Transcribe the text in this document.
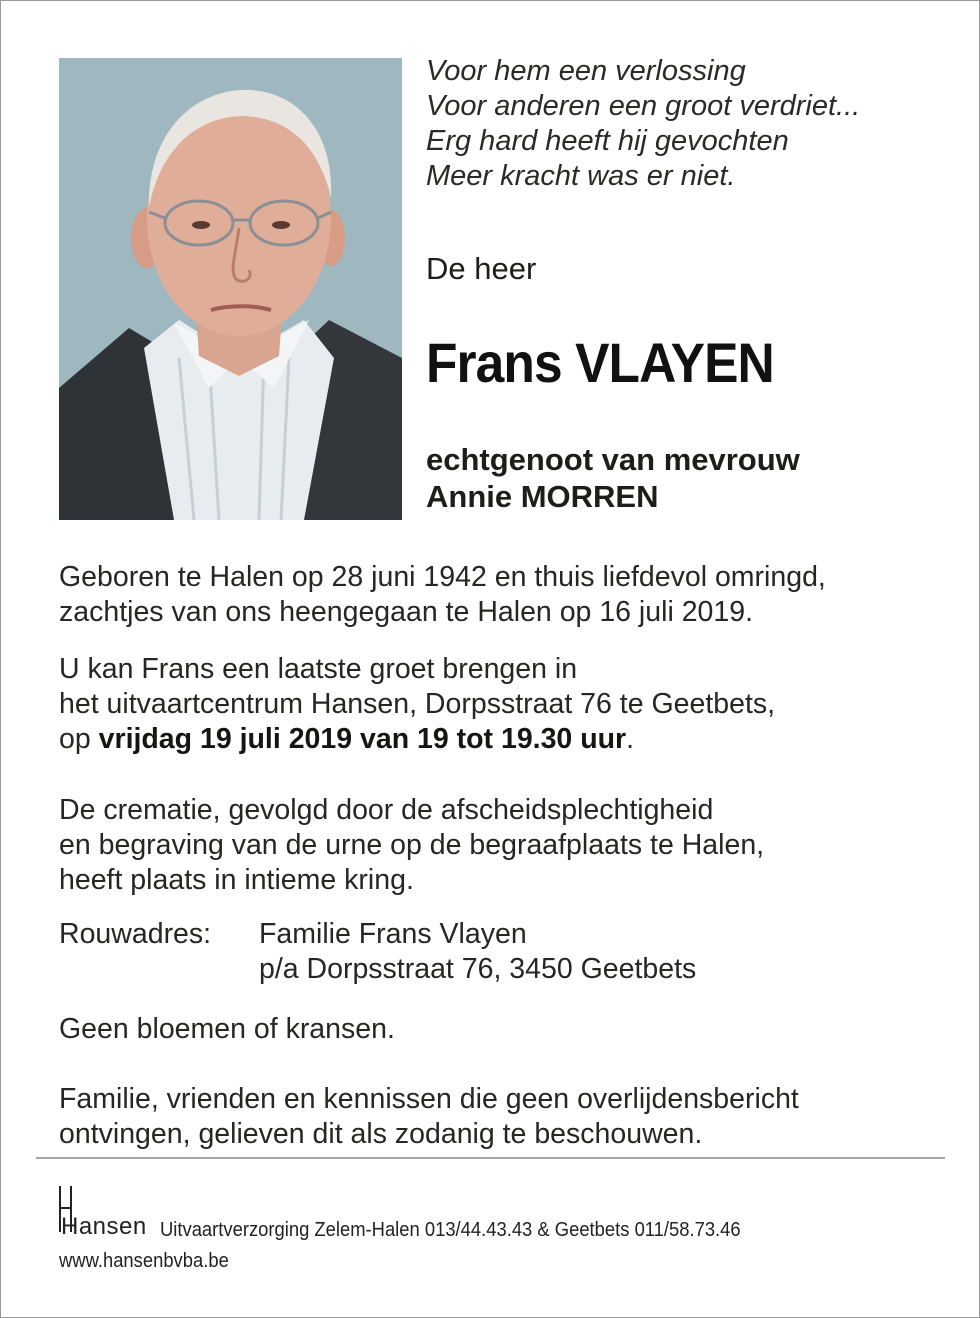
Voor hem een verlossing
Voor anderen een groot verdriet...
Erg hard heeft hij gevochten
Meer kracht was er niet.
De heer
Frans VLAYEN
echtgenoot van mevrouw
Annie MORREN
Geboren te Halen op 28 juni 1942 en thuis liefdevol omringd,
zachtjes van ons heengegaan te Halen op 16 juli 2019.
U kan Frans een laatste groet brengen in
het uitvaartcentrum Hansen, Dorpsstraat 76 te Geetbets,
op vrijdag 19 juli 2019 van 19 tot 19.30 uur.
De crematie, gevolgd door de afscheidsplechtigheid
en begraving van de urne op de begraafplaats te Halen,
heeft plaats in intieme kring.
Rouwadres:	Familie Frans Vlayen
p/a Dorpsstraat 76, 3450 Geetbets
Geen bloemen of kransen.
Familie, vrienden en kennissen die geen overlijdensbericht
ontvingen, gelieven dit als zodanig te beschouwen.
Hansen Uitvaartverzorging Zelem-Halen 013/44.43.43 & Geetbets 011/58.73.46
www.hansenbvba.be
